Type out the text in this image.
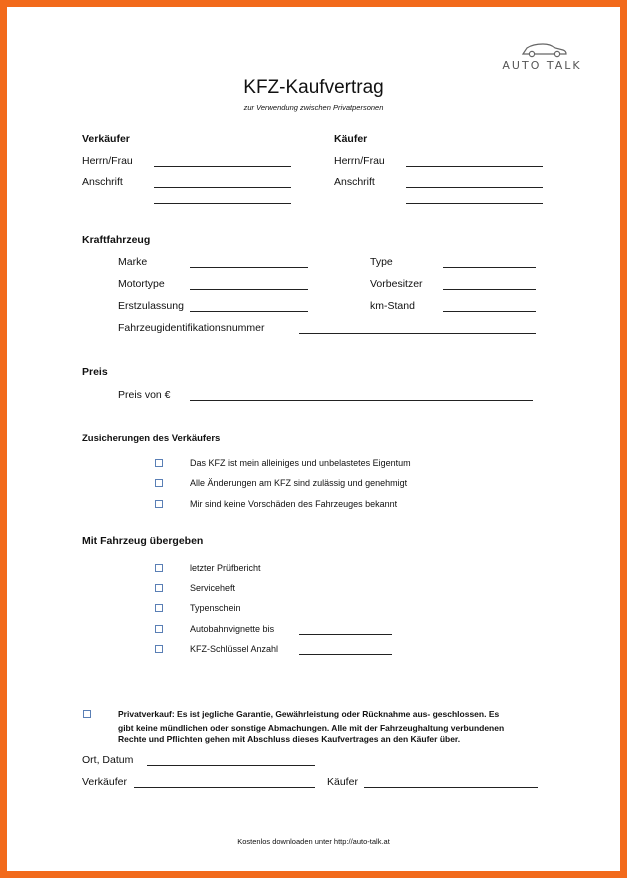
AUTO TALK
KFZ-Kaufvertrag
zur Verwendung zwischen Privatpersonen
Verkäufer	Käufer
Herrn/Frau	Herrn/Frau
Anschrift	Anschrift
Kraftfahrzeug
Marke	Type
Motortype	Vorbesitzer
Erstzulassung	km-Stand
Fahrzeugidentifikationsnummer
Preis
Preis von €
Zusicherungen des Verkäufers
Das KFZ ist mein alleiniges und unbelastetes Eigentum
Alle Änderungen am KFZ sind zulässig und genehmigt
Mir sind keine Vorschäden des Fahrzeuges bekannt
Mit Fahrzeug übergeben
letzter Prüfbericht
Serviceheft
Typenschein
Autobahnvignette bis
KFZ-Schlüssel Anzahl
Privatverkauf: Es ist jegliche Garantie, Gewährleistung oder Rücknahme aus- geschlossen. Es
gibt keine mündlichen oder sonstige Abmachungen. Alle mit der Fahrzeughaltung verbundenen
Rechte und Pflichten gehen mit Abschluss dieses Kaufvertrages an den Käufer über.
Ort, Datum
Verkäufer	Käufer
Kostenlos downloaden unter http://auto-talk.at
